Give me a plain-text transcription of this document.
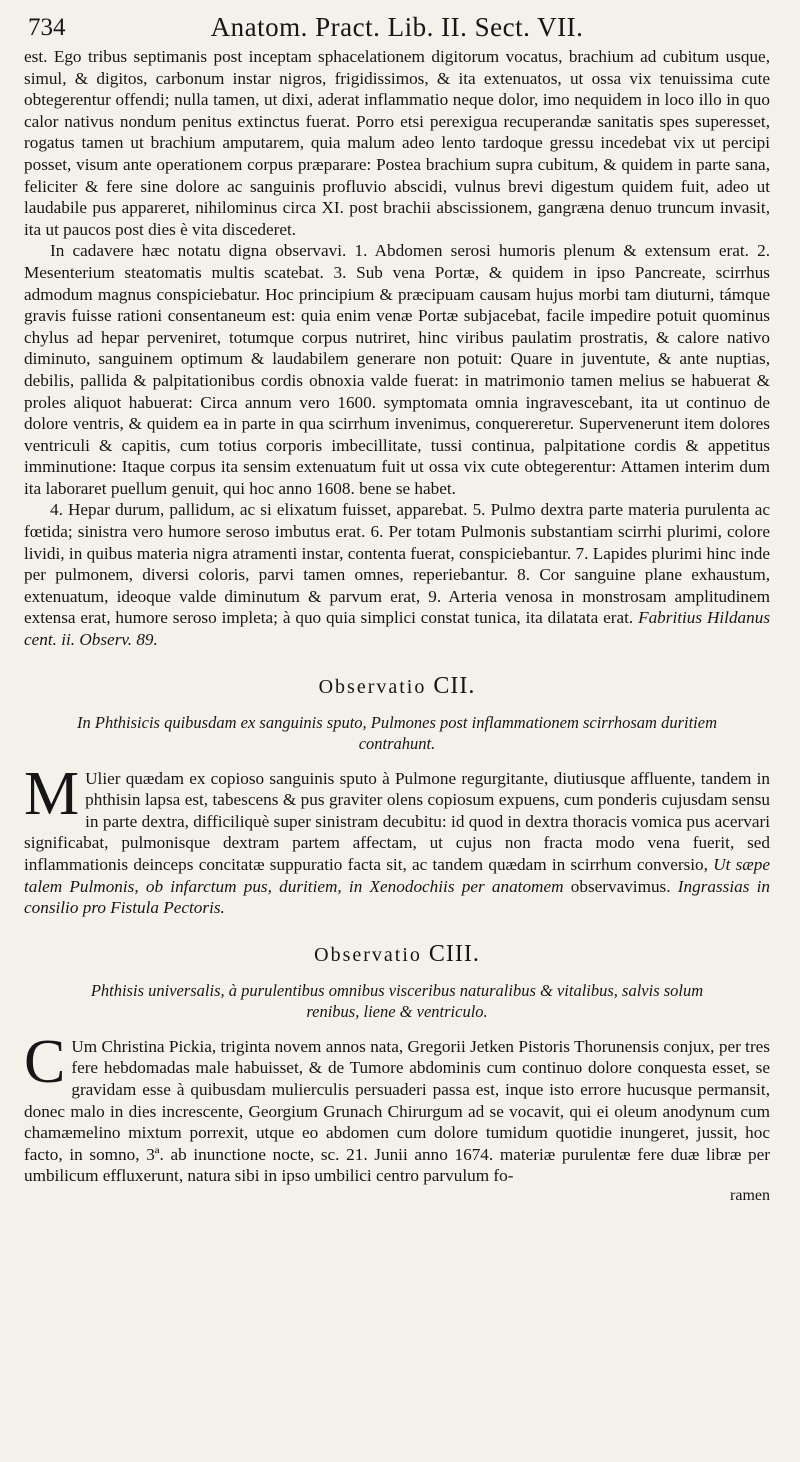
734	Anatom. Pract. Lib. II. Sect. VII.

est. Ego tribus septimanis post inceptam sphacelationem digitorum vocatus, brachium ad cubitum usque, simul, & digitos, carbonum instar nigros, frigidissimos, & ita extenuatos, ut ossa vix tenuissima cute obtegerentur offendi; nulla tamen, ut dixi, aderat inflammatio neque dolor, imo nequidem in loco illo in quo calor nativus nondum penitus extinctus fuerat. Porro etsi perexigua recuperandæ sanitatis spes superesset, rogatus tamen ut brachium amputarem, quia malum adeo lento tardoque gressu incedebat vix ut percipi posset, visum ante operationem corpus præparare: Postea brachium supra cubitum, & quidem in parte sana, feliciter & fere sine dolore ac sanguinis profluvio abscidi, vulnus brevi digestum quidem fuit, adeo ut laudabile pus appareret, nihilominus circa XI. post brachii abscissionem, gangræna denuo truncum invasit, ita ut paucos post dies è vita discederet.

In cadavere hæc notatu digna observavi. 1. Abdomen serosi humoris plenum & extensum erat. 2. Mesenterium steatomatis multis scatebat. 3. Sub vena Portæ, & quidem in ipso Pancreate, scirrhus admodum magnus conspiciebatur. Hoc principium & præcipuam causam hujus morbi tam diuturni, támque gravis fuisse rationi consentaneum est: quia enim venæ Portæ subjacebat, facile impedire potuit quominus chylus ad hepar perveniret, totumque corpus nutriret, hinc viribus paulatim prostratis, & calore nativo diminuto, sanguinem optimum & laudabilem generare non potuit: Quare in juventute, & ante nuptias, debilis, pallida & palpitationibus cordis obnoxia valde fuerat: in matrimonio tamen melius se habuerat & proles aliquot habuerat: Circa annum vero 1600. symptomata omnia ingravescebant, ita ut continuo de dolore ventris, & quidem ea in parte in qua scirrhum invenimus, conquereretur. Supervenerunt item dolores ventriculi & capitis, cum totius corporis imbecillitate, tussi continua, palpitatione cordis & appetitus imminutione: Itaque corpus ita sensim extenuatum fuit ut ossa vix cute obtegerentur: Attamen interim dum ita laboraret puellum genuit, qui hoc anno 1608. bene se habet.

4. Hepar durum, pallidum, ac si elixatum fuisset, apparebat. 5. Pulmo dextra parte materia purulenta ac fœtida; sinistra vero humore seroso imbutus erat. 6. Per totam Pulmonis substantiam scirrhi plurimi, colore lividi, in quibus materia nigra atramenti instar, contenta fuerat, conspiciebantur. 7. Lapides plurimi hinc inde per pulmonem, diversi coloris, parvi tamen omnes, reperiebantur. 8. Cor sanguine plane exhaustum, extenuatum, ideoque valde diminutum & parvum erat, 9. Arteria venosa in monstrosam amplitudinem extensa erat, humore seroso impleta; à quo quia simplici constat tunica, ita dilatata erat. Fabritius Hildanus cent. ii. Observ. 89.

Observatio CII.
In Phthisicis quibusdam ex sanguinis sputo, Pulmones post inflammationem scirrhosam duritiem contrahunt.

M Ulier quædam ex copioso sanguinis sputo à Pulmone regurgitante, diutiusque affluente, tandem in phthisin lapsa est, tabescens & pus graviter olens copiosum expuens, cum ponderis cujusdam sensu in parte dextra, difficiliquè super sinistram decubitu: id quod in dextra thoracis vomica pus acervari significabat, pulmonisque dextram partem affectam, ut cujus non fracta modo vena fuerit, sed inflammationis deinceps concitatæ suppuratio facta sit, ac tandem quædam in scirrhum conversio, Ut sæpe talem Pulmonis, ob infarctum pus, duritiem, in Xenodochiis per anatomem observavimus. Ingrassias in consilio pro Fistula Pectoris.

Observatio CIII.
Phthisis universalis, à purulentibus omnibus visceribus naturalibus & vitalibus, salvis solum renibus, liene & ventriculo.

C Um Christina Pickia, triginta novem annos nata, Gregorii Jetken Pistoris Thorunensis conjux, per tres fere hebdomadas male habuisset, & de Tumore abdominis cum continuo dolore conquesta esset, se gravidam esse à quibusdam mulierculis persuaderi passa est, inque isto errore hucusque permansit, donec malo in dies increscente, Georgium Grunach Chirurgum ad se vocavit, qui ei oleum anodynum cum chamæmelino mixtum porrexit, utque eo abdomen cum dolore tumidum quotidie inungeret, jussit, hoc facto, in somno, 3ª. ab inunctione nocte, sc. 21. Junii anno 1674. materiæ purulentæ fere duæ libræ per umbilicum effluxerunt, natura sibi in ipso umbilici centro parvulum fo-

ramen
